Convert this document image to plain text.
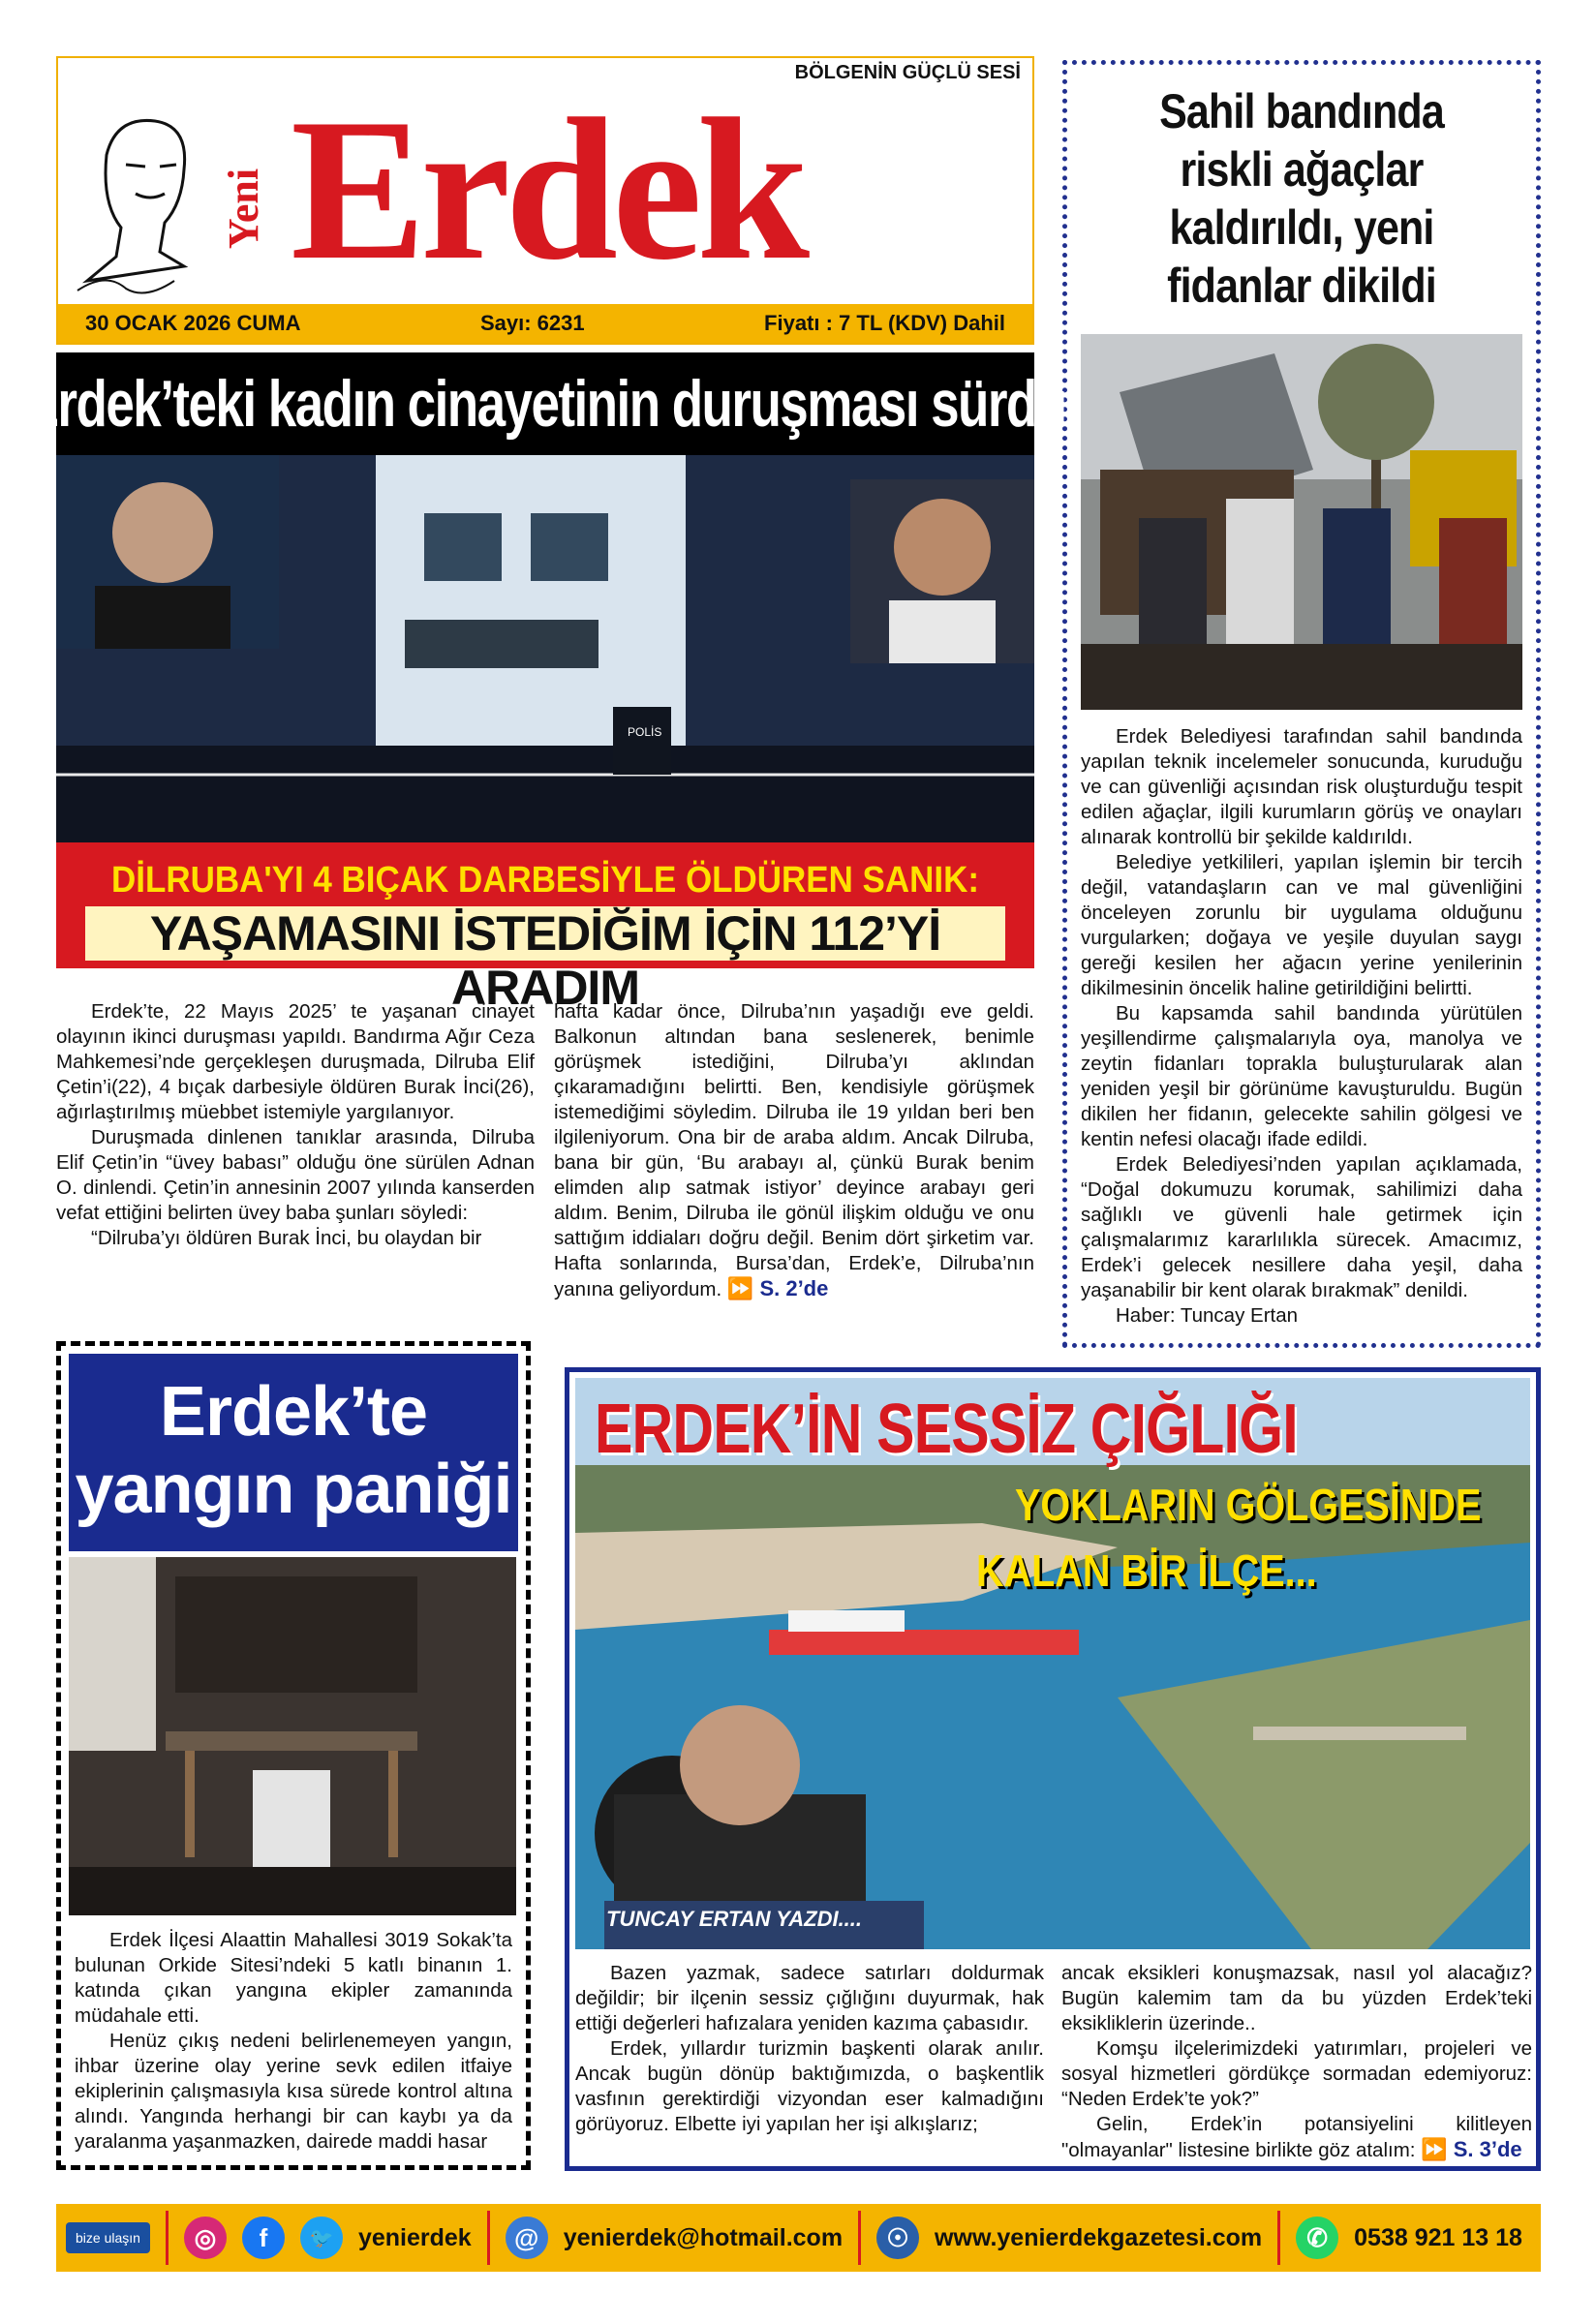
BÖLGENİN GÜÇLÜ SESİ
Yeni Erdek
30 OCAK 2026 CUMA	Sayı: 6231	Fiyatı : 7 TL (KDV) Dahil
Sahil bandında riskli ağaçlar kaldırıldı, yeni fidanlar dikildi

Erdek Belediyesi tarafından sahil bandında yapılan teknik incelemeler sonucunda, kuruduğu ve can güvenliği açısından risk oluşturduğu tespit edilen ağaçlar, ilgili kurumların görüş ve onayları alınarak kontrollü bir şekilde kaldırıldı.

Belediye yetkilileri, yapılan işlemin bir tercih değil, vatandaşların can ve mal güvenliğini önceleyen zorunlu bir uygulama olduğunu vurgularken; doğaya ve yeşile duyulan saygı gereği kesilen her ağacın yerine yenilerinin dikilmesinin öncelik haline getirildiğini belirtti.

Bu kapsamda sahil bandında yürütülen yeşillendirme çalışmalarıyla oya, manolya ve zeytin fidanları toprakla buluşturularak alan yeniden yeşil bir görünüme kavuşturuldu. Bugün dikilen her fidanın, gelecekte sahilin gölgesi ve kentin nefesi olacağı ifade edildi.

Erdek Belediyesi’nden yapılan açıklamada, “Doğal dokumuzu korumak, sahilimizi daha sağlıklı ve güvenli hale getirmek için çalışmalarımız kararlılıkla sürecek. Amacımız, Erdek’i gelecek nesillere daha yeşil, daha yaşanabilir bir kent olarak bırakmak” denildi.

Haber: Tuncay Ertan

Erdek’teki kadın cinayetinin duruşması sürdü
POLİS
DİLRUBA'YI 4 BIÇAK DARBESİYLE ÖLDÜREN SANIK:
YAŞAMASINI İSTEDİĞİM İÇİN 112’Yİ ARADIM

Erdek’te, 22 Mayıs 2025’ te yaşanan cinayet olayının ikinci duruşması yapıldı. Bandırma Ağır Ceza Mahkemesi’nde gerçekleşen duruşmada, Dilruba Elif Çetin’i(22), 4 bıçak darbesiyle öldüren Burak İnci(26), ağırlaştırılmış müebbet istemiyle yargılanıyor.

Duruşmada dinlenen tanıklar arasında, Dilruba Elif Çetin’in “üvey babası” olduğu öne sürülen Adnan O. dinlendi. Çetin’in annesinin 2007 yılında kanserden vefat ettiğini belirten üvey baba şunları söyledi:

“Dilruba’yı öldüren Burak İnci, bu olaydan bir

hafta kadar önce, Dilruba’nın yaşadığı eve geldi. Balkonun altından bana seslenerek, benimle görüşmek istediğini, Dilruba’yı aklından çıkaramadığını belirtti. Ben, kendisiyle görüşmek istemediğimi söyledim. Dilruba ile 19 yıldan beri ben ilgileniyorum. Ona bir de araba aldım. Ancak Dilruba, bana bir gün, ‘Bu arabayı al, çünkü Burak benim elimden alıp satmak istiyor’ deyince arabayı geri aldım. Benim, Dilruba ile gönül ilişkim olduğu ve onu sattığım iddiaları doğru değil. Benim dört şirketim var. Hafta sonlarında, Bursa’dan, Erdek’e, Dilruba’nın yanına geliyordum. ⏩ S. 2’de

Erdek’te yangın paniği

Erdek İlçesi Alaattin Mahallesi 3019 Sokak’ta bulunan Orkide Sitesi’ndeki 5 katlı binanın 1. katında çıkan yangına ekipler zamanında müdahale etti.

Henüz çıkış nedeni belirlenemeyen yangın, ihbar üzerine olay yerine sevk edilen itfaiye ekiplerinin çalışmasıyla kısa sürede kontrol altına alındı. Yangında herhangi bir can kaybı ya da yaralanma yaşanmazken, dairede maddi hasar

ERDEK’İN SESSİZ ÇIĞLIĞI
YOKLARIN GÖLGESİNDE
KALAN BİR İLÇE...
TUNCAY ERTAN YAZDI....

Bazen yazmak, sadece satırları doldurmak değildir; bir ilçenin sessiz çığlığını duyurmak, hak ettiği değerleri hafızalara yeniden kazıma çabasıdır.

Erdek, yıllardır turizmin başkenti olarak anılır. Ancak bugün dönüp baktığımızda, o başkentlik vasfının gerektirdiği vizyondan eser kalmadığını görüyoruz. Elbette iyi yapılan her işi alkışlarız;

ancak eksikleri konuşmazsak, nasıl yol alacağız? Bugün kalemim tam da bu yüzden Erdek’teki eksikliklerin üzerinde..

Komşu ilçelerimizdeki yatırımları, projeleri ve sosyal hizmetleri gördükçe sormadan edemiyoruz: “Neden Erdek’te yok?”

Gelin, Erdek’in potansiyelini kilitleyen "olmayanlar" listesine birlikte göz atalım: ⏩ S. 3’de

bize ulaşın	◎	f	🐦	yenierdek	@	yenierdek@hotmail.com	☉	www.yenierdekgazetesi.com	✆	0538 921 13 18
